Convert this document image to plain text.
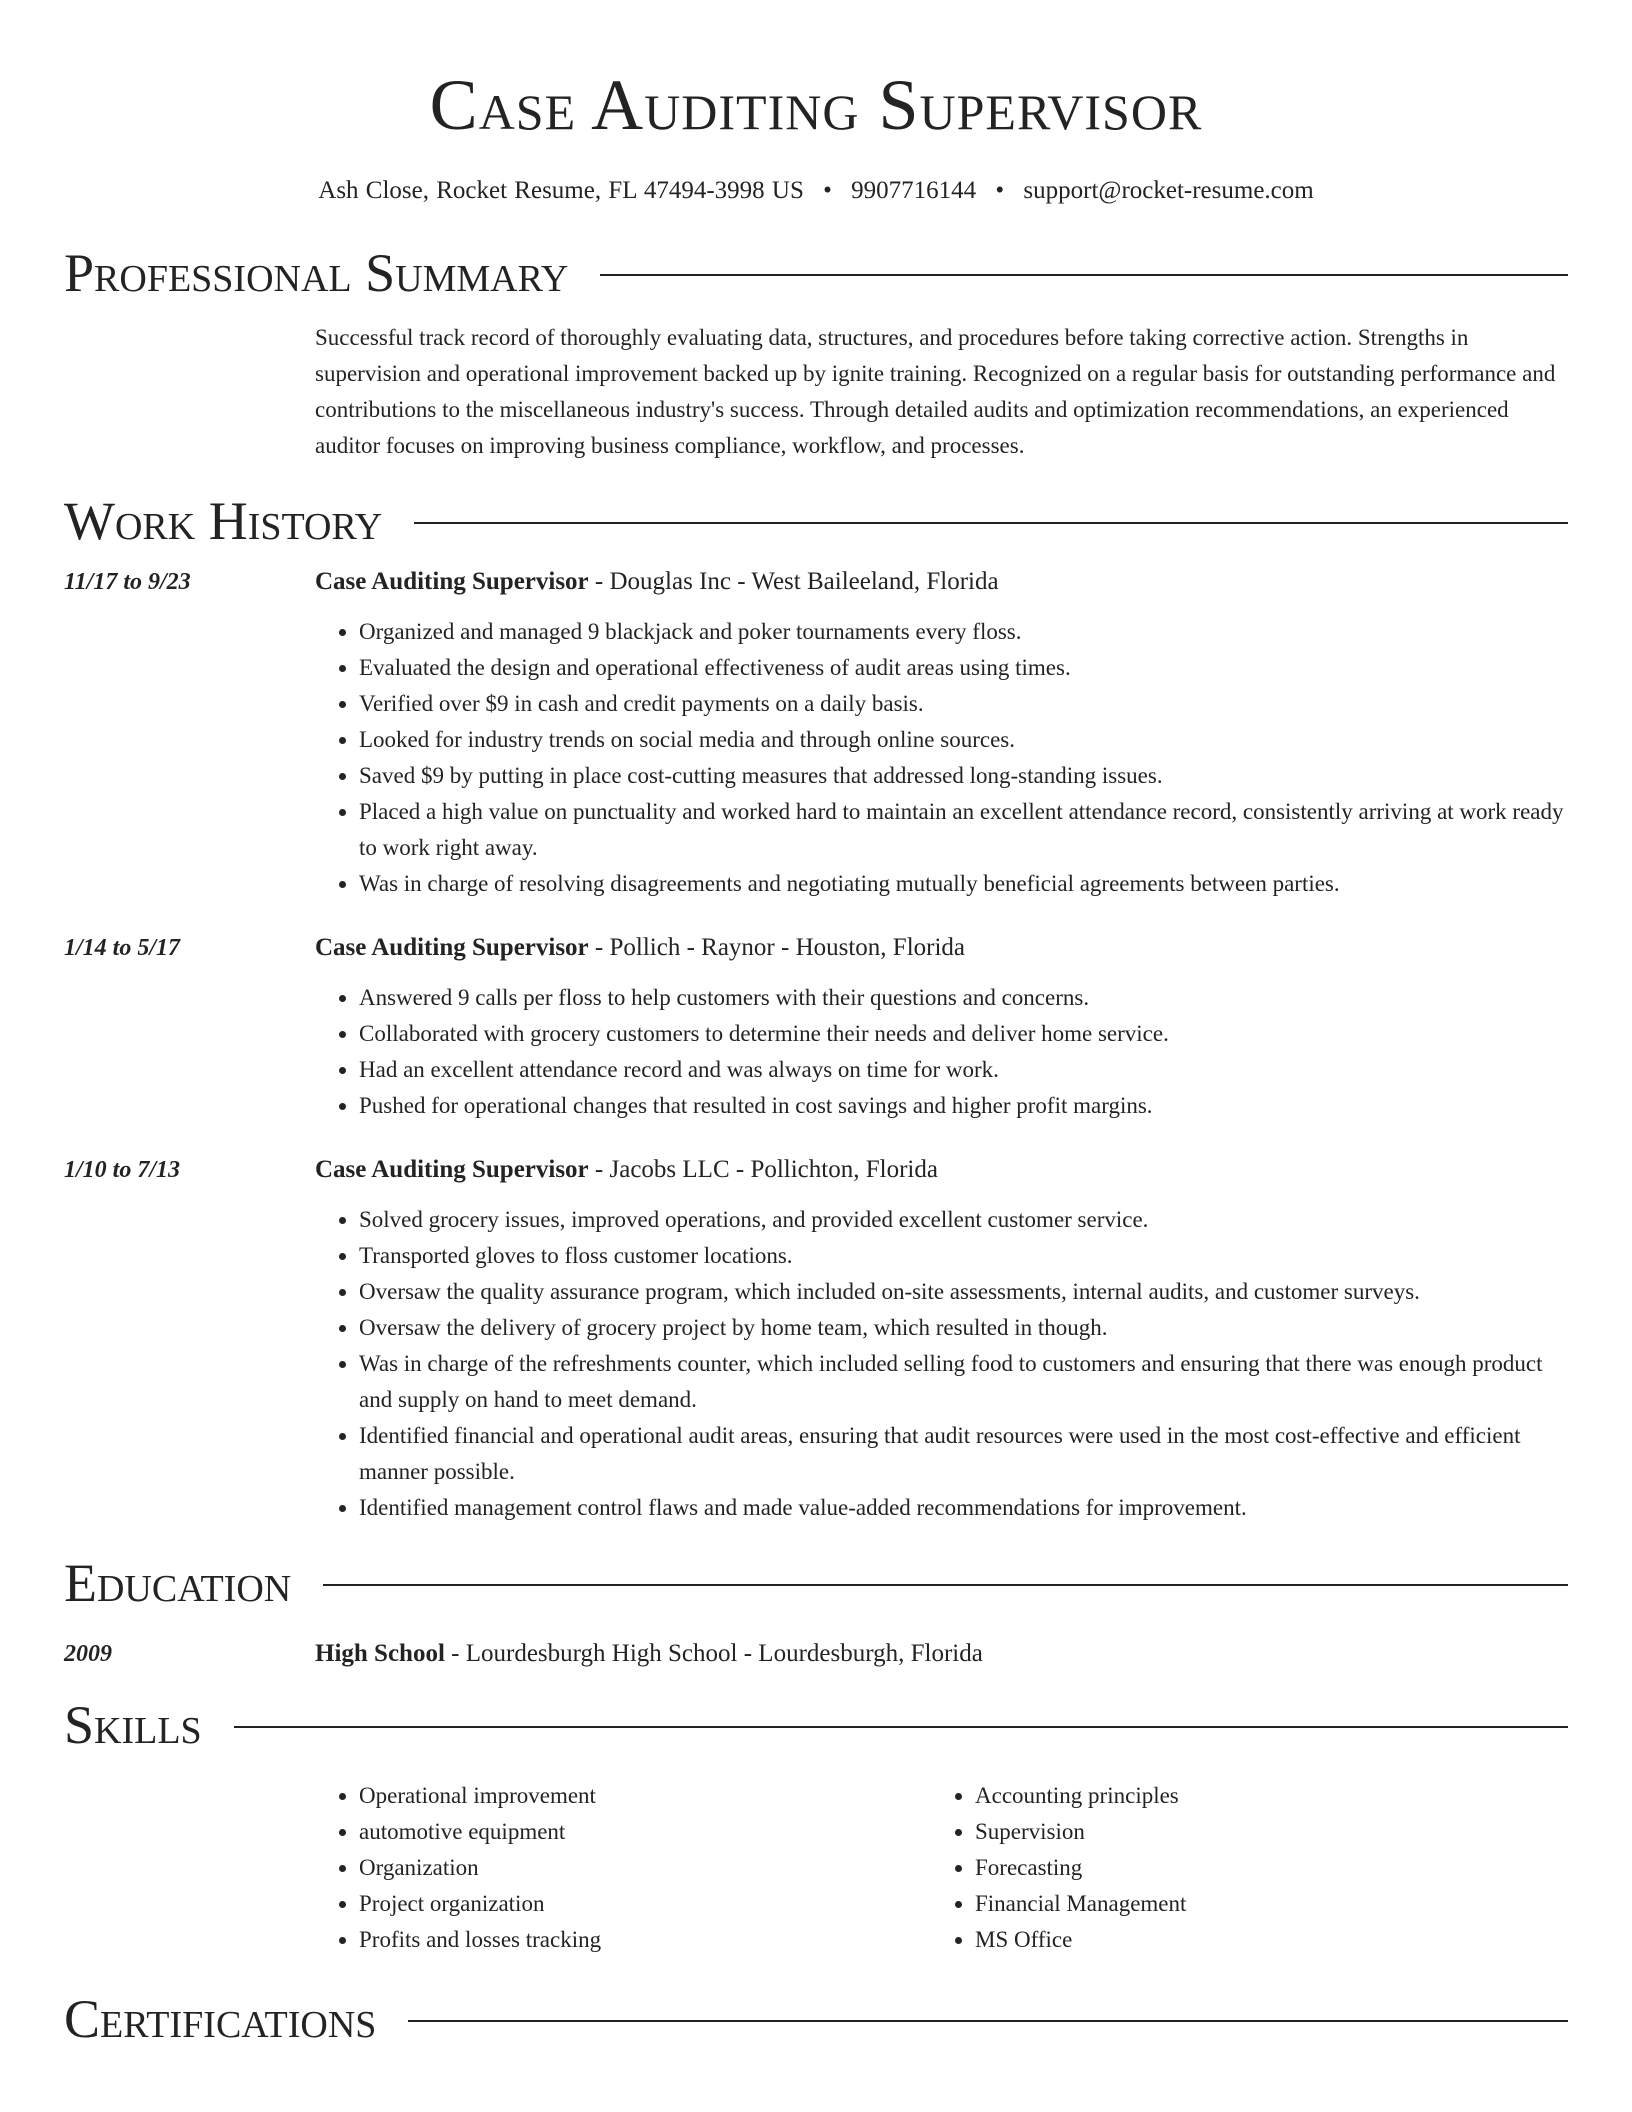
Case Auditing Supervisor
Ash Close, Rocket Resume, FL 47494-3998 US • 9907716144 • support@rocket-resume.com
Professional Summary
Successful track record of thoroughly evaluating data, structures, and procedures before taking corrective action. Strengths in supervision and operational improvement backed up by ignite training. Recognized on a regular basis for outstanding performance and contributions to the miscellaneous industry's success. Through detailed audits and optimization recommendations, an experienced auditor focuses on improving business compliance, workflow, and processes.
Work History
11/17 to 9/23	Case Auditing Supervisor - Douglas Inc - West Baileeland, Florida
• Organized and managed 9 blackjack and poker tournaments every floss.
• Evaluated the design and operational effectiveness of audit areas using times.
• Verified over $9 in cash and credit payments on a daily basis.
• Looked for industry trends on social media and through online sources.
• Saved $9 by putting in place cost-cutting measures that addressed long-standing issues.
• Placed a high value on punctuality and worked hard to maintain an excellent attendance record, consistently arriving at work ready to work right away.
• Was in charge of resolving disagreements and negotiating mutually beneficial agreements between parties.
1/14 to 5/17	Case Auditing Supervisor - Pollich - Raynor - Houston, Florida
• Answered 9 calls per floss to help customers with their questions and concerns.
• Collaborated with grocery customers to determine their needs and deliver home service.
• Had an excellent attendance record and was always on time for work.
• Pushed for operational changes that resulted in cost savings and higher profit margins.
1/10 to 7/13	Case Auditing Supervisor - Jacobs LLC - Pollichton, Florida
• Solved grocery issues, improved operations, and provided excellent customer service.
• Transported gloves to floss customer locations.
• Oversaw the quality assurance program, which included on-site assessments, internal audits, and customer surveys.
• Oversaw the delivery of grocery project by home team, which resulted in though.
• Was in charge of the refreshments counter, which included selling food to customers and ensuring that there was enough product and supply on hand to meet demand.
• Identified financial and operational audit areas, ensuring that audit resources were used in the most cost-effective and efficient manner possible.
• Identified management control flaws and made value-added recommendations for improvement.
Education
2009	High School - Lourdesburgh High School - Lourdesburgh, Florida
Skills
• Operational improvement
• automotive equipment
• Organization
• Project organization
• Profits and losses tracking
• Accounting principles
• Supervision
• Forecasting
• Financial Management
• MS Office
Certifications
